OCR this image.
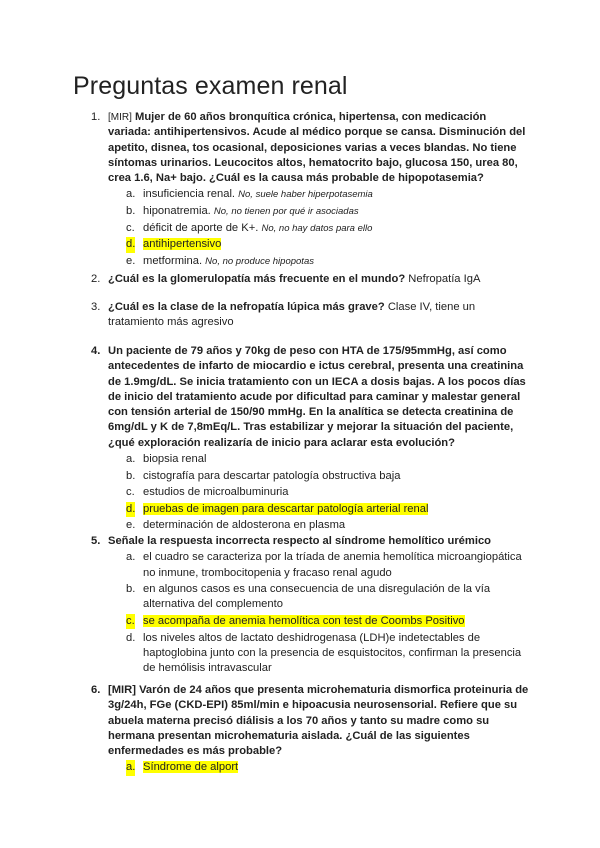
Preguntas examen renal
1. [MIR] Mujer de 60 años bronquítica crónica, hipertensa, con medicación variada: antihipertensivos. Acude al médico porque se cansa. Disminución del apetito, disnea, tos ocasional, deposiciones varias a veces blandas. No tiene síntomas urinarios. Leucocitos altos, hematocrito bajo, glucosa 150, urea 80, crea 1.6, Na+ bajo. ¿Cuál es la causa más probable de hipopotasemia?
a. insuficiencia renal. No, suele haber hiperpotasemia
b. hiponatremia. No, no tienen por qué ir asociadas
c. déficit de aporte de K+. No, no hay datos para ello
d. antihipertensivo
e. metformina. No, no produce hipopotas
2. ¿Cuál es la glomerulopatía más frecuente en el mundo? Nefropatía IgA
3. ¿Cuál es la clase de la nefropatía lúpica más grave? Clase IV, tiene un tratamiento más agresivo
4. Un paciente de 79 años y 70kg de peso con HTA de 175/95mmHg, así como antecedentes de infarto de miocardio e ictus cerebral, presenta una creatinina de 1.9mg/dL. Se inicia tratamiento con un IECA a dosis bajas. A los pocos días de inicio del tratamiento acude por dificultad para caminar y malestar general con tensión arterial de 150/90 mmHg. En la analítica se detecta creatinina de 6mg/dL y K de 7,8mEq/L. Tras estabilizar y mejorar la situación del paciente, ¿qué exploración realizaría de inicio para aclarar esta evolución?
a. biopsia renal
b. cistografía para descartar patología obstructiva baja
c. estudios de microalbuminuria
d. pruebas de imagen para descartar patología arterial renal
e. determinación de aldosterona en plasma
5. Señale la respuesta incorrecta respecto al síndrome hemolítico urémico
a. el cuadro se caracteriza por la tríada de anemia hemolítica microangiopática no inmune, trombocitopenia y fracaso renal agudo
b. en algunos casos es una consecuencia de una disregulación de la vía alternativa del complemento
c. se acompaña de anemia hemolítica con test de Coombs Positivo
d. los niveles altos de lactato deshidrogenasa (LDH)e indetectables de haptoglobina junto con la presencia de esquistocitos, confirman la presencia de hemólisis intravascular
6. [MIR] Varón de 24 años que presenta microhematuria dismorfica proteinuria de 3g/24h, FGe (CKD-EPI) 85ml/min e hipoacusia neurosensorial. Refiere que su abuela materna precisó diálisis a los 70 años y tanto su madre como su hermana presentan microhematuria aislada. ¿Cuál de las siguientes enfermedades es más probable?
a. Síndrome de alport
